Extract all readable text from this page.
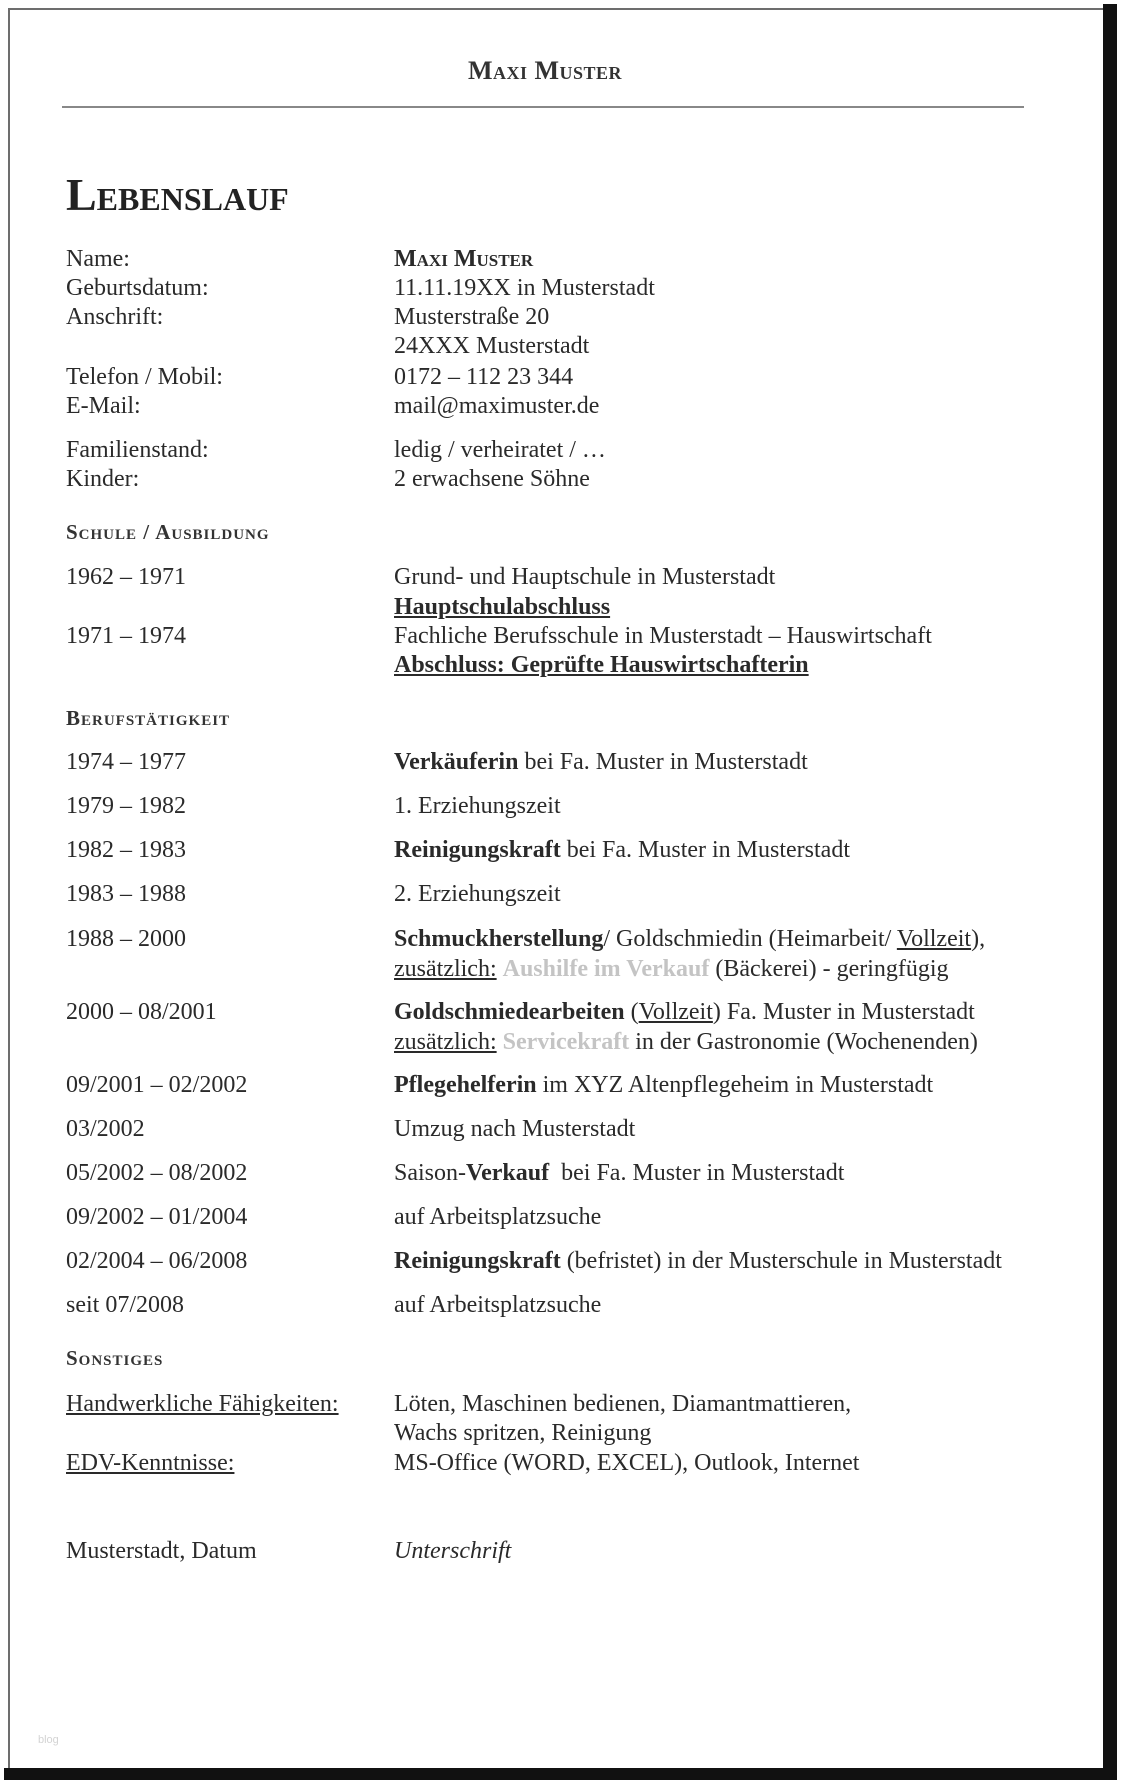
Maxi Muster
Lebenslauf
Name:	Maxi Muster
Geburtsdatum:	11.11.19XX in Musterstadt
Anschrift:	Musterstraße 20
24XXX Musterstadt
Telefon / Mobil:	0172 – 112 23 344
E-Mail:	mail@maximuster.de
Familienstand:	ledig / verheiratet / …
Kinder:	2 erwachsene Söhne
Schule / Ausbildung
1962 – 1971	Grund- und Hauptschule in Musterstadt
Hauptschulabschluss
1971 – 1974	Fachliche Berufsschule in Musterstadt – Hauswirtschaft
Abschluss: Geprüfte Hauswirtschafterin
Berufstätigkeit
1974 – 1977	Verkäuferin bei Fa. Muster in Musterstadt
1979 – 1982	1. Erziehungszeit
1982 – 1983	Reinigungskraft bei Fa. Muster in Musterstadt
1983 – 1988	2. Erziehungszeit
1988 – 2000	Schmuckherstellung/ Goldschmiedin (Heimarbeit/ Vollzeit),
zusätzlich: Aushilfe im Verkauf (Bäckerei) - geringfügig
2000 – 08/2001	Goldschmiedearbeiten (Vollzeit) Fa. Muster in Musterstadt
zusätzlich: Servicekraft in der Gastronomie (Wochenenden)
09/2001 – 02/2002	Pflegehelferin im XYZ Altenpflegeheim in Musterstadt
03/2002	Umzug nach Musterstadt
05/2002 – 08/2002	Saison-Verkauf  bei Fa. Muster in Musterstadt
09/2002 – 01/2004	auf Arbeitsplatzsuche
02/2004 – 06/2008	Reinigungskraft (befristet) in der Musterschule in Musterstadt
seit 07/2008	auf Arbeitsplatzsuche
Sonstiges
Handwerkliche Fähigkeiten: Löten, Maschinen bedienen, Diamantmattieren,
Wachs spritzen, Reinigung
EDV-Kenntnisse:	MS-Office (WORD, EXCEL), Outlook, Internet
Musterstadt, Datum	Unterschrift
blog
